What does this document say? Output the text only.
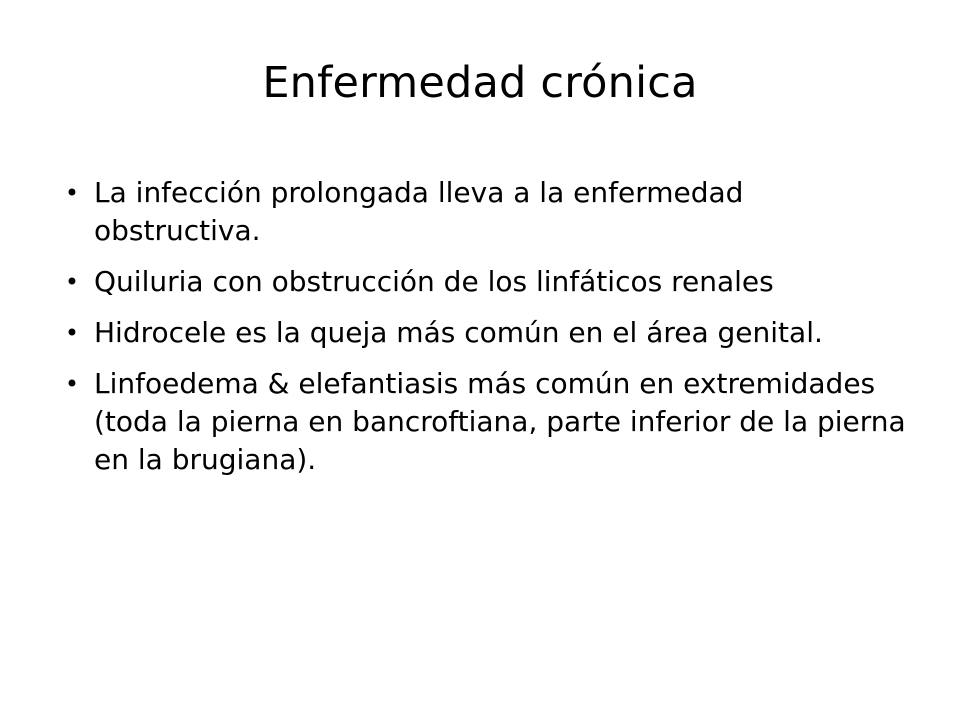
Enfermedad crónica
• La infección prolongada lleva a la enfermedad obstructiva.
• Quiluria con obstrucción de los linfáticos renales
• Hidrocele es la queja más común en el área genital.
• Linfoedema & elefantiasis más común en extremidades (toda la pierna en bancroftiana, parte inferior de la pierna en la brugiana).
